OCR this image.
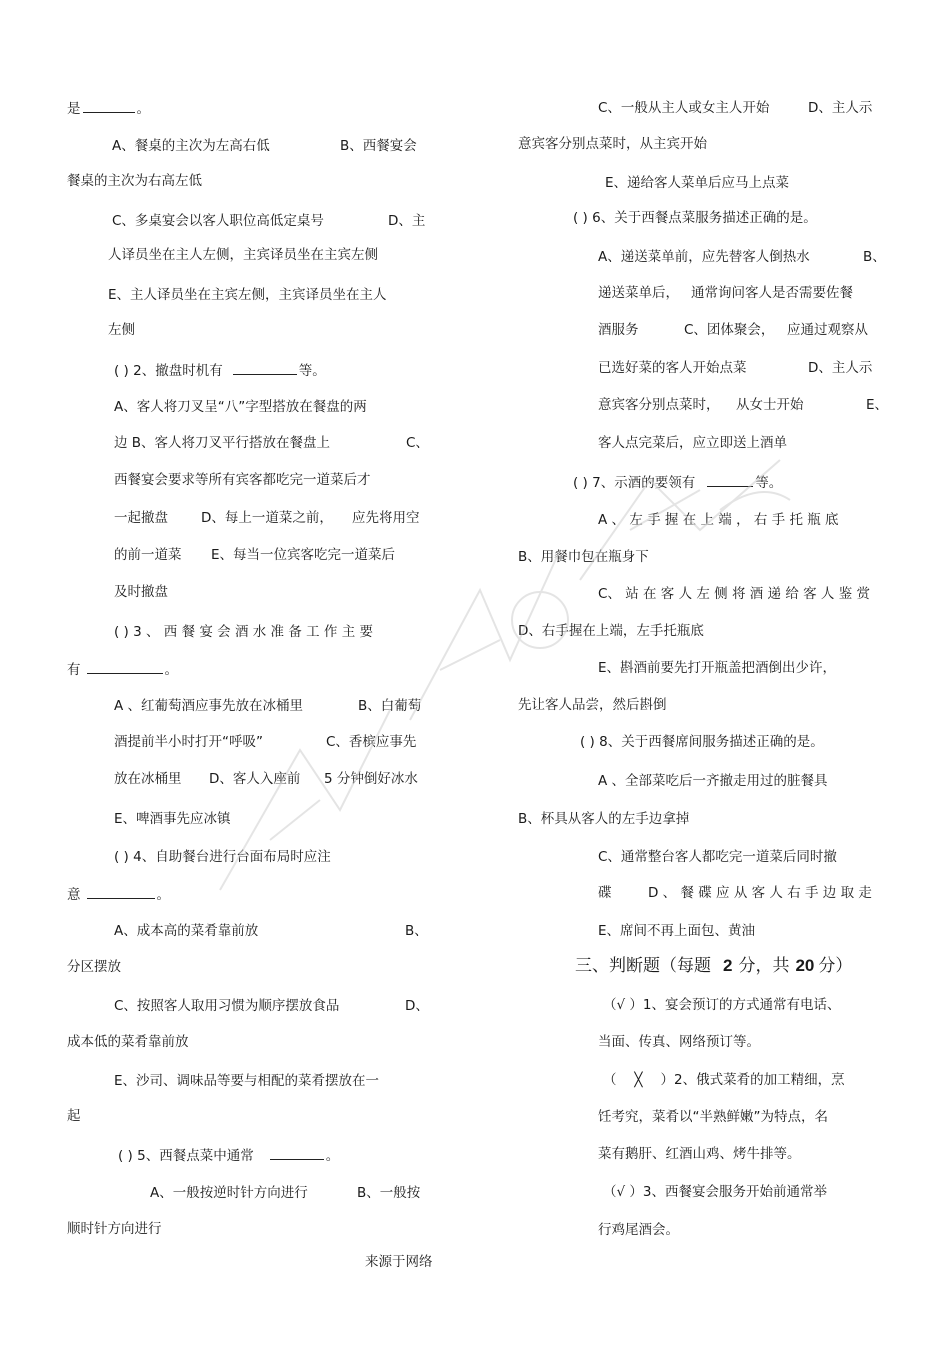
是	。
A、餐桌的主次为左高右低	B、西餐宴会
餐桌的主次为右高左低
C、多桌宴会以客人职位高低定桌号	D、主
人译员坐在主人左侧，主宾译员坐在主宾左侧
E、主人译员坐在主宾左侧，主宾译员坐在主人
左侧
( ) 2、撤盘时机有	等。
A、客人将刀叉呈“八”字型搭放在餐盘的两
边 B、客人将刀叉平行搭放在餐盘上	C、
西餐宴会要求等所有宾客都吃完一道菜后才
一起撤盘 D、每上一道菜之前， 应先将用空
的前一道菜 E、每当一位宾客吃完一道菜后
及时撤盘
( ) 3 、 西 餐 宴 会 酒 水 准 备 工 作 主 要
有	。
A 、红葡萄酒应事先放在冰桶里	B、白葡萄
酒提前半小时打开“呼吸”	C、香槟应事先
放在冰桶里 D、客人入座前 5 分钟倒好冰水
E、啤酒事先应冰镇
( ) 4、自助餐台进行台面布局时应注
意	。
A、成本高的菜肴靠前放	B、
分区摆放
C、按照客人取用习惯为顺序摆放食品	D、
成本低的菜肴靠前放
E、沙司、调味品等要与相配的菜肴摆放在一
起
( ) 5、西餐点菜中通常	。
A、一般按逆时针方向进行	B、一般按
顺时针方向进行
C、一般从主人或女主人开始	D、主人示
意宾客分别点菜时，从主宾开始
E、递给客人菜单后应马上点菜
( ) 6、关于西餐点菜服务描述正确的是。
A、递送菜单前，应先替客人倒热水	B、
递送菜单后， 通常询问客人是否需要佐餐
酒服务	C、团体聚会， 应通过观察从
已选好菜的客人开始点菜	D、主人示
意宾客分别点菜时， 从女士开始	E、
客人点完菜后，应立即送上酒单
( ) 7、示酒的要领有	等。
A 、 左 手 握 在 上 端 ， 右 手 托 瓶 底
B、用餐巾包在瓶身下
C、 站 在 客 人 左 侧 将 酒 递 给 客 人 鉴 赏
D、右手握在上端，左手托瓶底
E、斟酒前要先打开瓶盖把酒倒出少许，
先让客人品尝，然后斟倒
( ) 8、关于西餐席间服务描述正确的是。
A 、全部菜吃后一齐撤走用过的脏餐具
B、杯具从客人的左手边拿掉
C、通常整台客人都吃完一道菜后同时撤
碟	D 、 餐 碟 应 从 客 人 右 手 边 取 走
E、席间不再上面包、黄油
三、判断题（每题 2 分，共 20 分）
（√ ）1、宴会预订的方式通常有电话、
当面、传真、网络预订等。
（ ╳ ）2、俄式菜肴的加工精细，烹
饪考究，菜肴以“半熟鲜嫩”为特点，名
菜有鹅肝、红酒山鸡、烤牛排等。
（√ ）3、西餐宴会服务开始前通常举
行鸡尾酒会。
来源于网络
